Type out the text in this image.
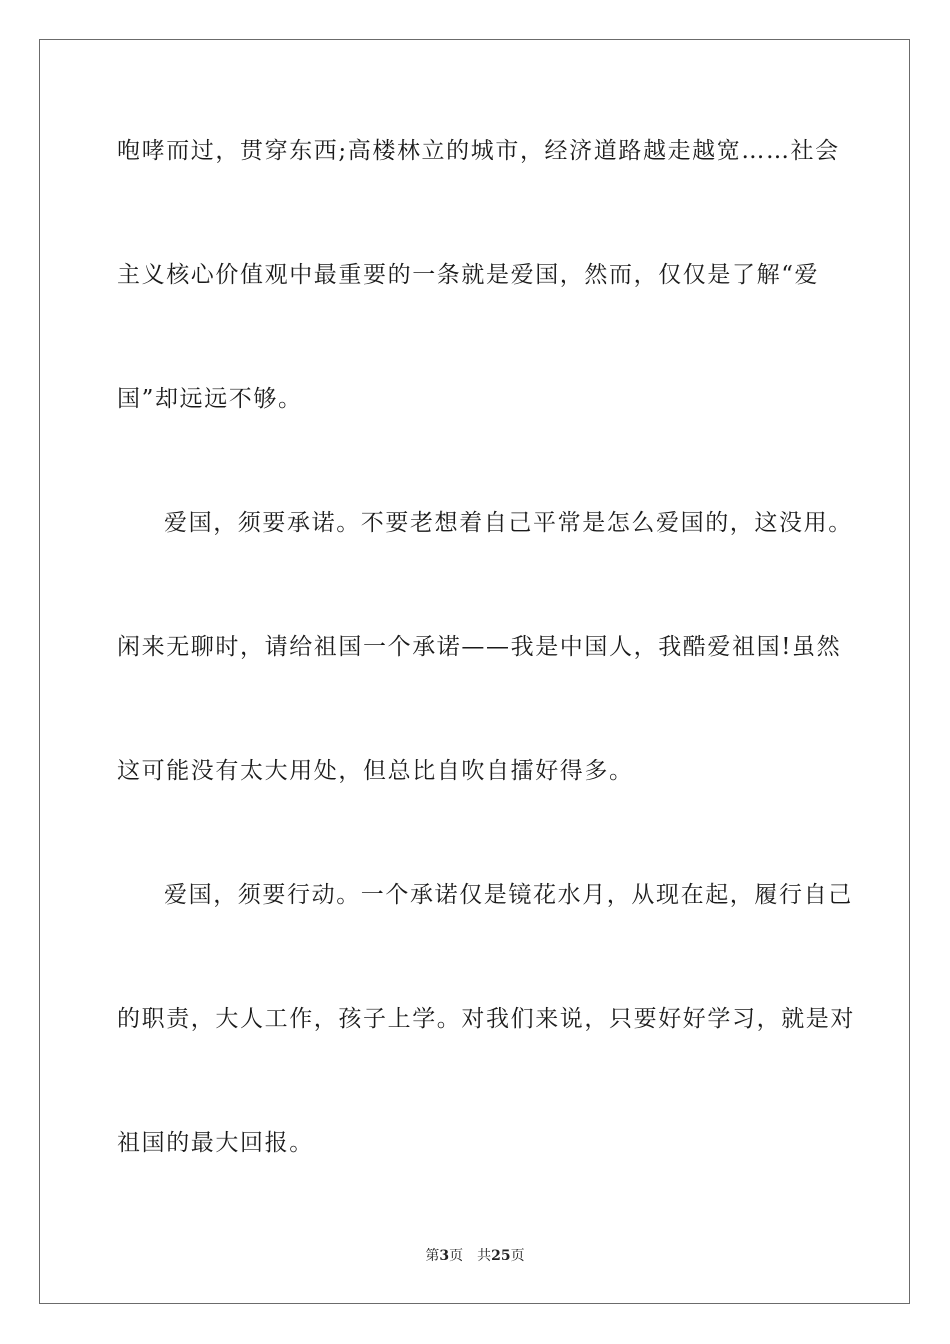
咆哮而过，贯穿东西;高楼林立的城市，经济道路越走越宽……社会
主义核心价值观中最重要的一条就是爱国，然而，仅仅是了解“爱
国”却远远不够。
爱国，须要承诺。不要老想着自己平常是怎么爱国的，这没用。
闲来无聊时，请给祖国一个承诺——我是中国人，我酷爱祖国!虽然
这可能没有太大用处，但总比自吹自擂好得多。
爱国，须要行动。一个承诺仅是镜花水月，从现在起，履行自己
的职责，大人工作，孩子上学。对我们来说，只要好好学习，就是对
祖国的最大回报。
第3页 共25页
